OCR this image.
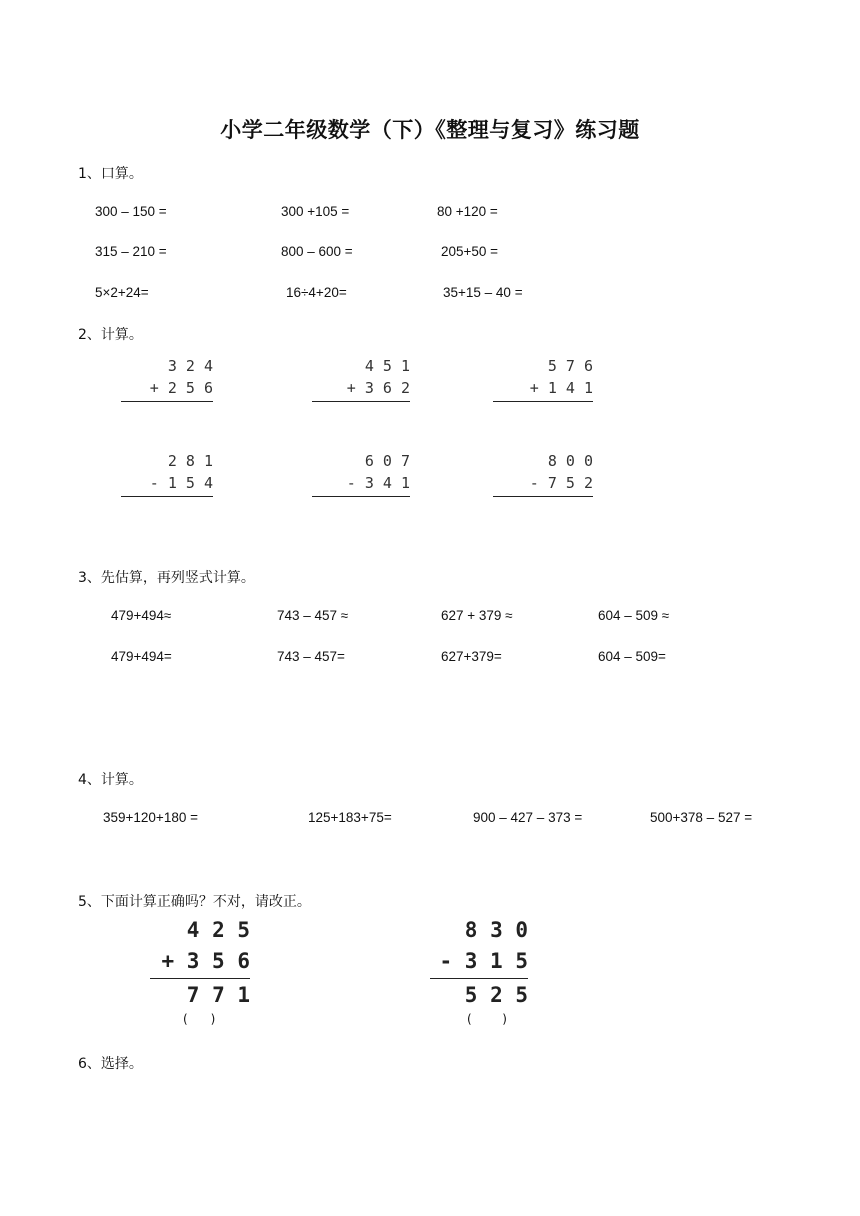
小学二年级数学（下）《整理与复习》练习题
1、口算。
300 – 150 =	300 +105 =	80 +120 =
315 – 210 =	800 – 600 =	205+50 =
5×2+24=	16÷4+20=	35+15 – 40 =
2、计算。
3 2 4
+ 2 5 6
4 5 1
+ 3 6 2
5 7 6
+ 1 4 1
2 8 1
- 1 5 4
6 0 7
- 3 4 1
8 0 0
- 7 5 2
3、先估算，再列竖式计算。
479+494≈	743 – 457 ≈	627 + 379 ≈	604 – 509 ≈
479+494=	743 – 457=	627+379=	604 – 509=
4、计算。
359+120+180 =	125+183+75=	900 – 427 – 373 =	500+378 – 527 =
5、下面计算正确吗？不对，请改正。
4 2 5
+ 3 5 6
7 7 1
(      )
8 3 0
- 3 1 5
5 2 5
(        )
6、选择。
